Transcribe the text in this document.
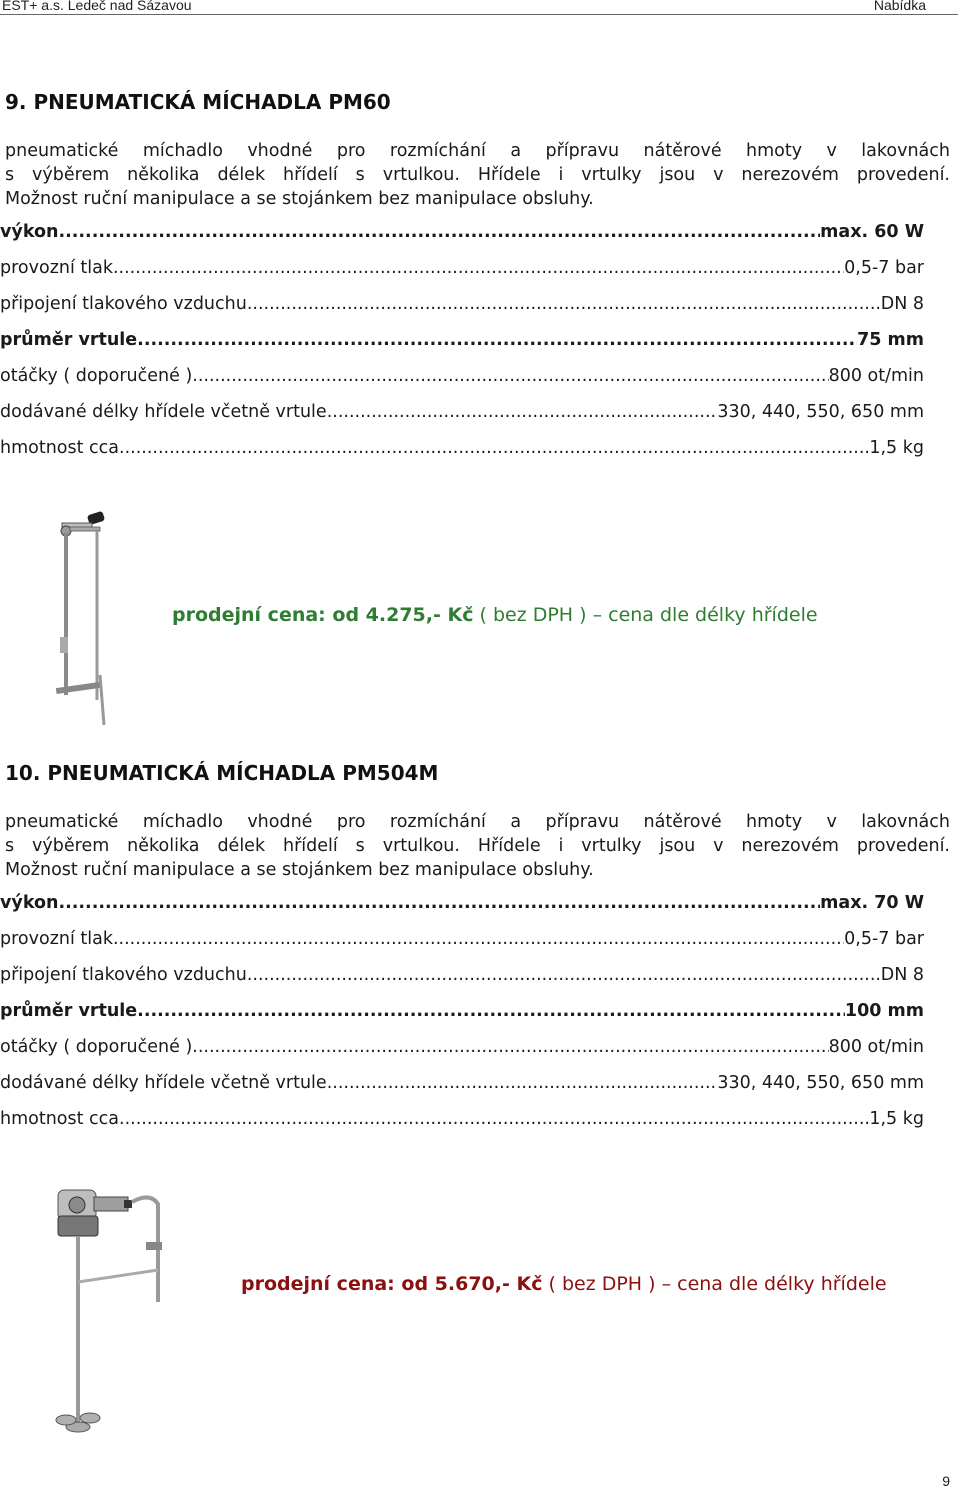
EST+ a.s. Ledeč nad Sázavou	Nabídka

9. PNEUMATICKÁ MÍCHADLA PM60

pneumatické míchadlo vhodné pro rozmíchání a přípravu nátěrové hmoty v lakovnách
s výběrem několika délek hřídelí s vrtulkou. Hřídele i vrtulky jsou v nerezovém provedení.
Možnost ruční manipulace a se stojánkem bez manipulace obsluhy.
výkon .....	max. 60 W
provozní tlak .....	0,5-7 bar
připojení tlakového vzduchu .....	DN 8
průměr vrtule .....	75 mm
otáčky ( doporučené ) .....	800 ot/min
dodávané délky hřídele včetně vrtule .....	330, 440, 550, 650 mm
hmotnost cca .....	1,5 kg
prodejní cena: od 4.275,- Kč ( bez DPH ) – cena dle délky hřídele

10. PNEUMATICKÁ MÍCHADLA PM504M

pneumatické míchadlo vhodné pro rozmíchání a přípravu nátěrové hmoty v lakovnách
s výběrem několika délek hřídelí s vrtulkou. Hřídele i vrtulky jsou v nerezovém provedení.
Možnost ruční manipulace a se stojánkem bez manipulace obsluhy.
výkon .....	max. 70 W
provozní tlak .....	0,5-7 bar
připojení tlakového vzduchu .....	DN 8
průměr vrtule .....	100 mm
otáčky ( doporučené ) .....	800 ot/min
dodávané délky hřídele včetně vrtule .....	330, 440, 550, 650 mm
hmotnost cca .....	1,5 kg
prodejní cena: od 5.670,- Kč ( bez DPH ) – cena dle délky hřídele
9
